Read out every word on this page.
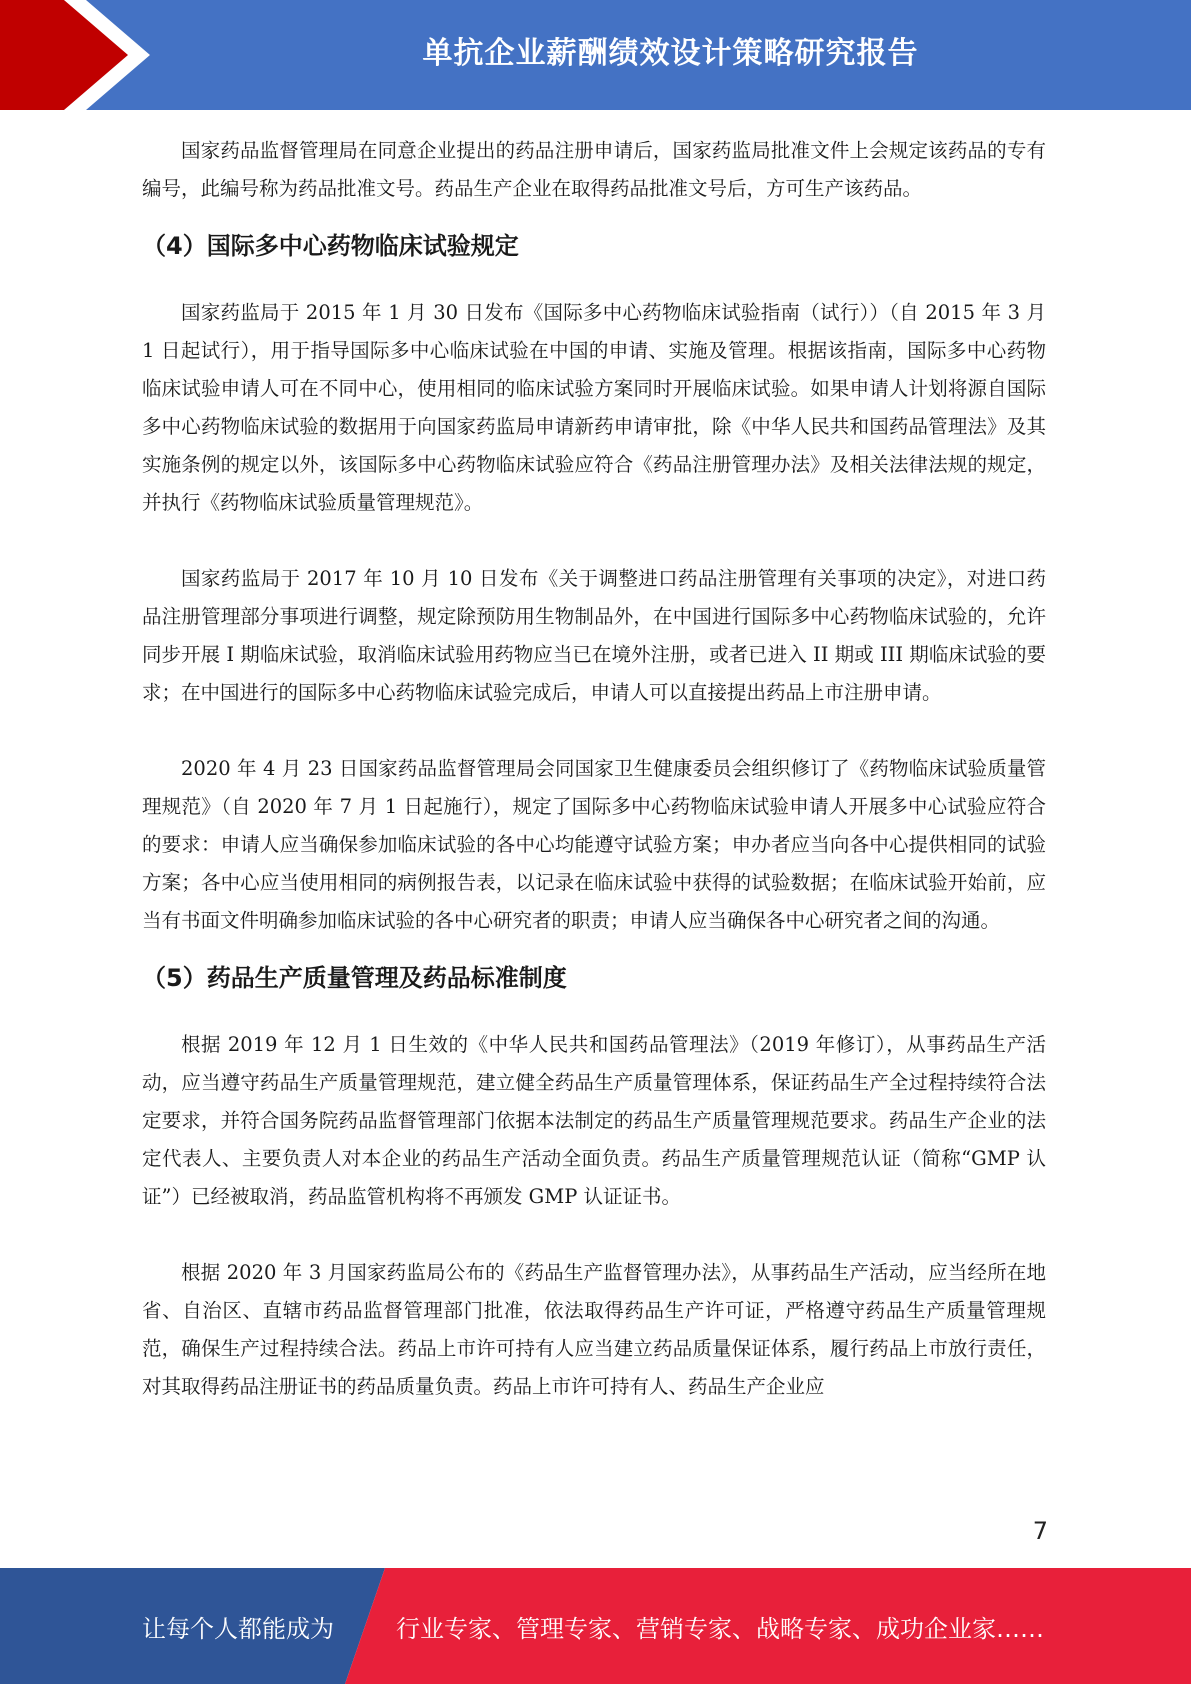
单抗企业薪酬绩效设计策略研究报告

国家药品监督管理局在同意企业提出的药品注册申请后，国家药监局批准文件上会规定该药品的专有编号，此编号称为药品批准文号。药品生产企业在取得药品批准文号后，方可生产该药品。

（4）国际多中心药物临床试验规定

国家药监局于 2015 年 1 月 30 日发布《国际多中心药物临床试验指南（试行））（自 2015 年 3 月 1 日起试行），用于指导国际多中心临床试验在中国的申请、实施及管理。根据该指南，国际多中心药物临床试验申请人可在不同中心，使用相同的临床试验方案同时开展临床试验。如果申请人计划将源自国际多中心药物临床试验的数据用于向国家药监局申请新药申请审批，除《中华人民共和国药品管理法》及其实施条例的规定以外，该国际多中心药物临床试验应符合《药品注册管理办法》及相关法律法规的规定，并执行《药物临床试验质量管理规范》。

国家药监局于 2017 年 10 月 10 日发布《关于调整进口药品注册管理有关事项的决定》，对进口药品注册管理部分事项进行调整，规定除预防用生物制品外，在中国进行国际多中心药物临床试验的，允许同步开展 I 期临床试验，取消临床试验用药物应当已在境外注册，或者已进入 II 期或 III 期临床试验的要求；在中国进行的国际多中心药物临床试验完成后，申请人可以直接提出药品上市注册申请。

2020 年 4 月 23 日国家药品监督管理局会同国家卫生健康委员会组织修订了《药物临床试验质量管理规范》（自 2020 年 7 月 1 日起施行），规定了国际多中心药物临床试验申请人开展多中心试验应符合的要求：申请人应当确保参加临床试验的各中心均能遵守试验方案；申办者应当向各中心提供相同的试验方案；各中心应当使用相同的病例报告表，以记录在临床试验中获得的试验数据；在临床试验开始前，应当有书面文件明确参加临床试验的各中心研究者的职责；申请人应当确保各中心研究者之间的沟通。

（5）药品生产质量管理及药品标准制度

根据 2019 年 12 月 1 日生效的《中华人民共和国药品管理法》（2019 年修订），从事药品生产活动，应当遵守药品生产质量管理规范，建立健全药品生产质量管理体系，保证药品生产全过程持续符合法定要求，并符合国务院药品监督管理部门依据本法制定的药品生产质量管理规范要求。药品生产企业的法定代表人、主要负责人对本企业的药品生产活动全面负责。药品生产质量管理规范认证（简称“GMP 认证”）已经被取消，药品监管机构将不再颁发 GMP 认证证书。

根据 2020 年 3 月国家药监局公布的《药品生产监督管理办法》，从事药品生产活动，应当经所在地省、自治区、直辖市药品监督管理部门批准，依法取得药品生产许可证，严格遵守药品生产质量管理规范，确保生产过程持续合法。药品上市许可持有人应当建立药品质量保证体系，履行药品上市放行责任，对其取得药品注册证书的药品质量负责。药品上市许可持有人、药品生产企业应

7
让每个人都能成为	行业专家、管理专家、营销专家、战略专家、成功企业家……
